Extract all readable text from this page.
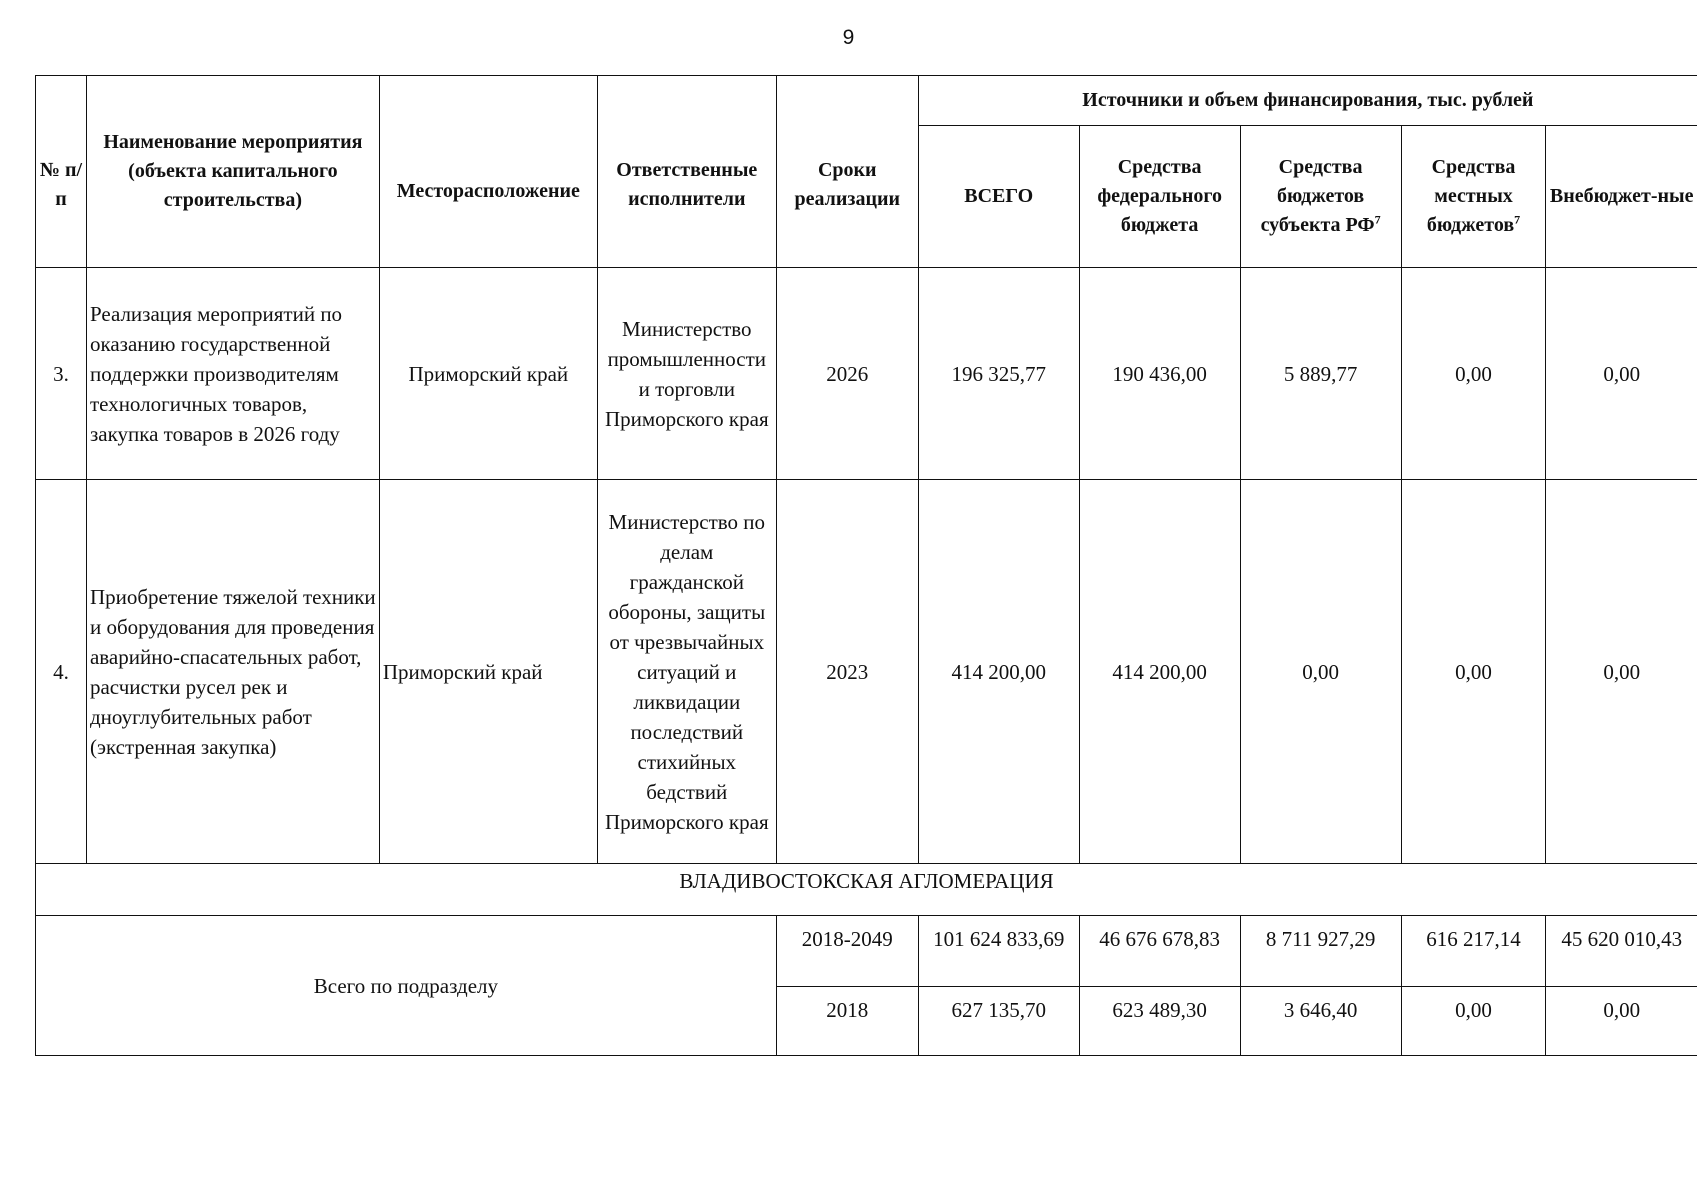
9
№ п/п	Наименование мероприятия (объекта капитального строительства)	Месторасположение	Ответственные исполнители	Сроки реализации	Источники и объем финансирования, тыс. рублей				
					ВСЕГО	Средства федерального бюджета	Средства бюджетов субъекта $РФ^7$	Средства местных бюджетов$^7$	Внебюджет-ные
3.	Реализация мероприятий по оказанию государственной поддержки производителям технологичных товаров, закупка товаров в 2026 году	Приморский край	Министерство промышленности и торговли Приморского края	2026	196 325,77	190 436,00	5 889,77	0,00	0,00
4.	Приобретение тяжелой техники и оборудования для проведения аварийно-спасательных работ, расчистки русел рек и дноуглубительных работ (экстренная закупка)	Приморский край	Министерство по делам гражданской обороны, защиты от чрезвычайных ситуаций и ликвидации последствий стихийных бедствий Приморского края	2023	414 200,00	414 200,00	0,00	0,00	0,00
ВЛАДИВОСТОКСКАЯ АГЛОМЕРАЦИЯ									
Всего по подразделу				2018-2049	101 624 833,69	46 676 678,83	8 711 927,29	616 217,14	45 620 010,43
				2018	627 135,70	623 489,30	3 646,40	0,00	0,00
